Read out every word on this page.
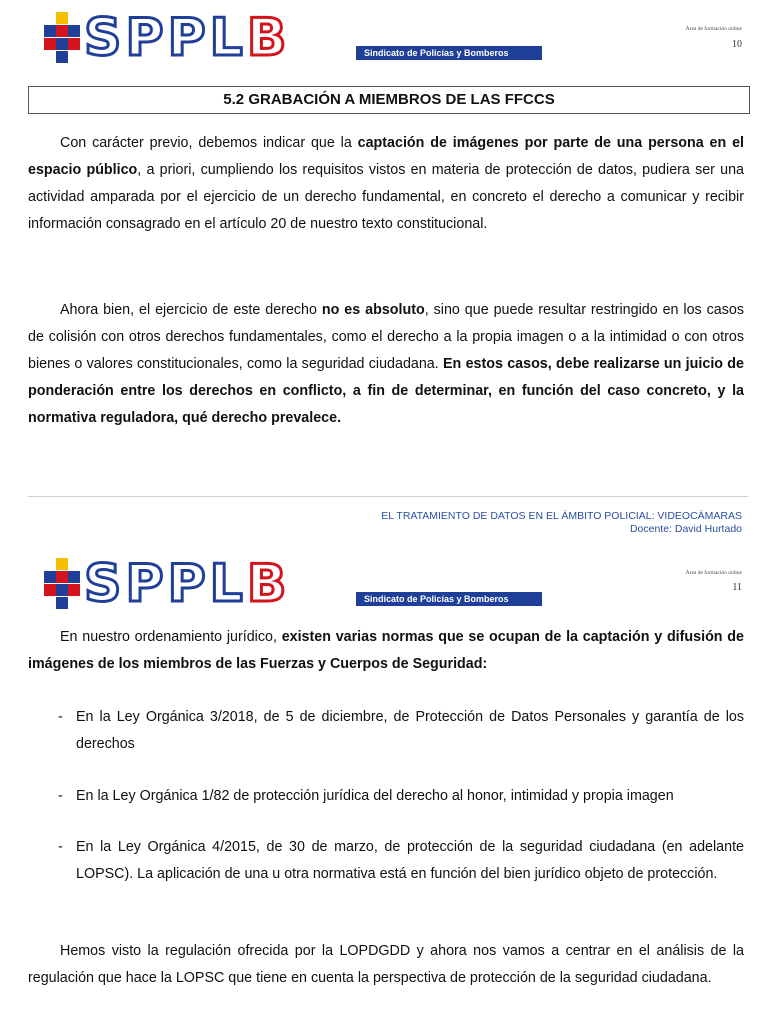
SPPLB	Sindicato de Policías y Bomberos
Área de formación online
10
5.2 GRABACIÓN A MIEMBROS DE LAS FFCCS

Con carácter previo, debemos indicar que la captación de imágenes por parte de una persona en el espacio público, a priori, cumpliendo los requisitos vistos en materia de protección de datos, pudiera ser una actividad amparada por el ejercicio de un derecho fundamental, en concreto el derecho a comunicar y recibir información consagrado en el artículo 20 de nuestro texto constitucional.

Ahora bien, el ejercicio de este derecho no es absoluto, sino que puede resultar restringido en los casos de colisión con otros derechos fundamentales, como el derecho a la propia imagen o a la intimidad o con otros bienes o valores constitucionales, como la seguridad ciudadana. En estos casos, debe realizarse un juicio de ponderación entre los derechos en conflicto, a fin de determinar, en función del caso concreto, y la normativa reguladora, qué derecho prevalece.

EL TRATAMIENTO DE DATOS EN EL ÁMBITO POLICIAL: VIDEOCÁMARAS
Docente: David Hurtado
SPPLB	Sindicato de Policías y Bomberos
Área de formación online
11

En nuestro ordenamiento jurídico, existen varias normas que se ocupan de la captación y difusión de imágenes de los miembros de las Fuerzas y Cuerpos de Seguridad:

- En la Ley Orgánica 3/2018, de 5 de diciembre, de Protección de Datos Personales y garantía de los derechos

- En la Ley Orgánica 1/82 de protección jurídica del derecho al honor, intimidad y propia imagen

- En la Ley Orgánica 4/2015, de 30 de marzo, de protección de la seguridad ciudadana (en adelante LOPSC). La aplicación de una u otra normativa está en función del bien jurídico objeto de protección.

Hemos visto la regulación ofrecida por la LOPDGDD y ahora nos vamos a centrar en el análisis de la regulación que hace la LOPSC que tiene en cuenta la perspectiva de protección de la seguridad ciudadana.
